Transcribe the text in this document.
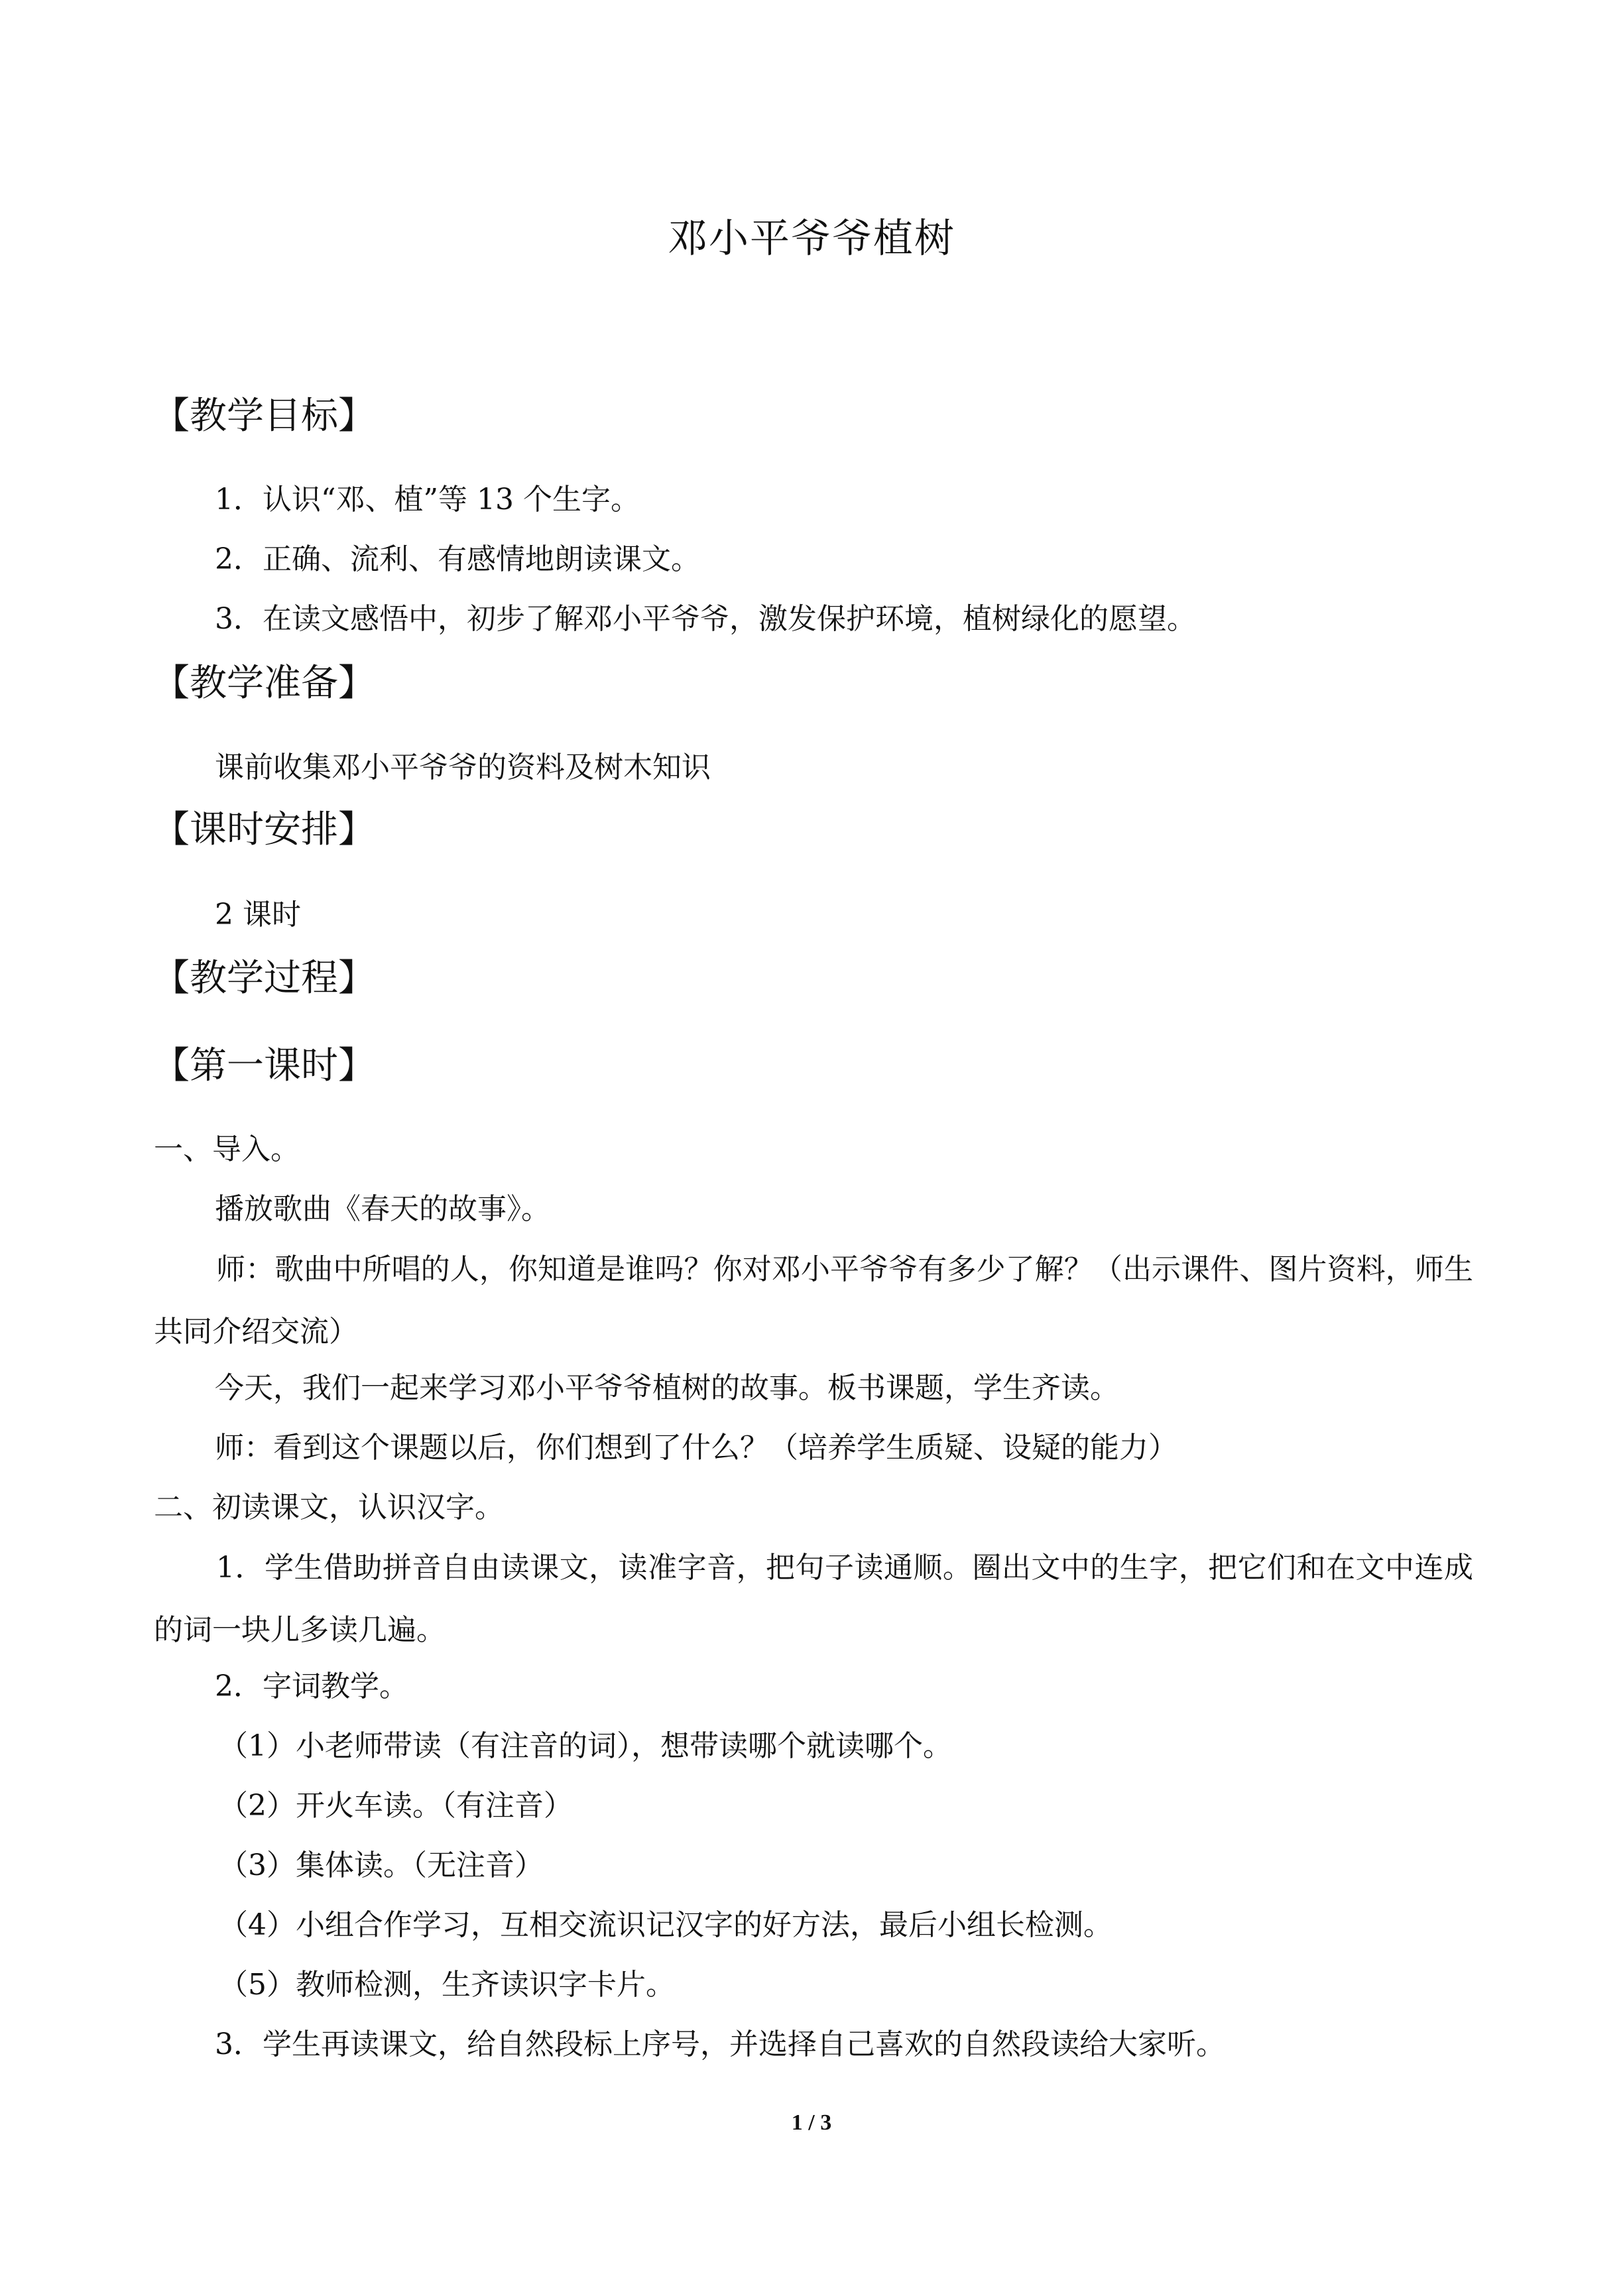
邓小平爷爷植树
【教学目标】
1．认识“邓、植”等 13 个生字。
2．正确、流利、有感情地朗读课文。
3．在读文感悟中，初步了解邓小平爷爷，激发保护环境，植树绿化的愿望。
【教学准备】
课前收集邓小平爷爷的资料及树木知识
【课时安排】
2 课时
【教学过程】
【第一课时】
一、导入。
播放歌曲《春天的故事》。
师：歌曲中所唱的人，你知道是谁吗？你对邓小平爷爷有多少了解？（出示课件、图片资料，师生共同介绍交流）
今天，我们一起来学习邓小平爷爷植树的故事。板书课题，学生齐读。
师：看到这个课题以后，你们想到了什么？（培养学生质疑、设疑的能力）
二、初读课文，认识汉字。
1．学生借助拼音自由读课文，读准字音，把句子读通顺。圈出文中的生字，把它们和在文中连成的词一块儿多读几遍。
2．字词教学。
（1）小老师带读（有注音的词），想带读哪个就读哪个。
（2）开火车读。（有注音）
（3）集体读。（无注音）
（4）小组合作学习，互相交流识记汉字的好方法，最后小组长检测。
（5）教师检测，生齐读识字卡片。
3．学生再读课文，给自然段标上序号，并选择自己喜欢的自然段读给大家听。
1 / 3
